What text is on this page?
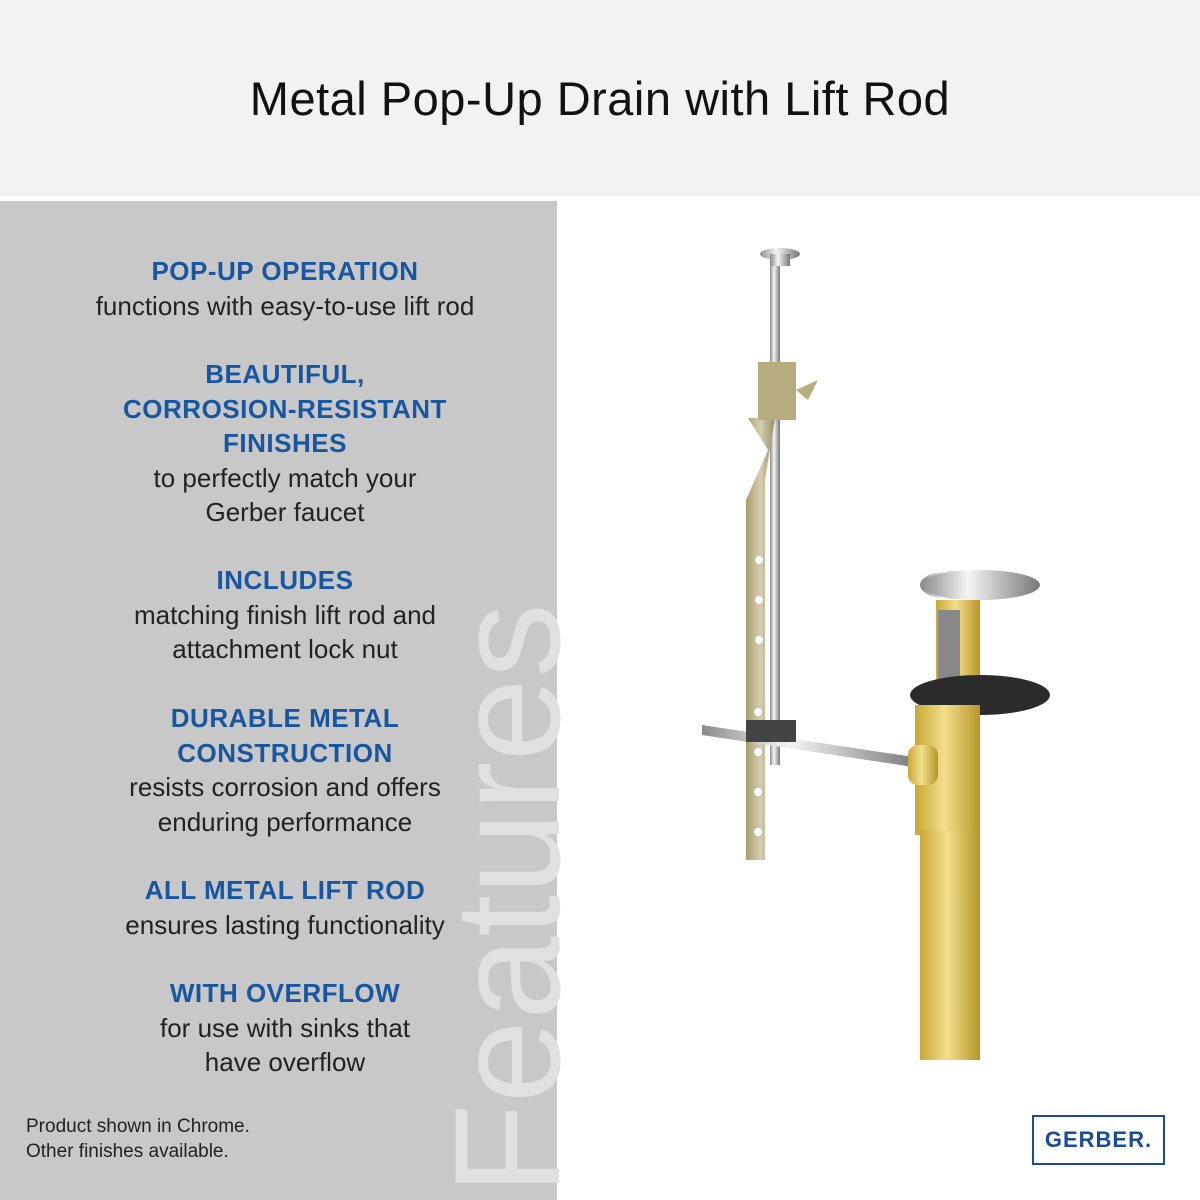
Metal Pop-Up Drain with Lift Rod
Features
POP-UP OPERATION

functions with easy-to-use lift rod

BEAUTIFUL,
CORROSION-RESISTANT
FINISHES

to perfectly match your
Gerber faucet

INCLUDES

matching finish lift rod and
attachment lock nut

DURABLE METAL
CONSTRUCTION

resists corrosion and offers
enduring performance

ALL METAL LIFT ROD

ensures lasting functionality

WITH OVERFLOW

for use with sinks that
have overflow

Product shown in Chrome.
Other finishes available.	GERBER.
